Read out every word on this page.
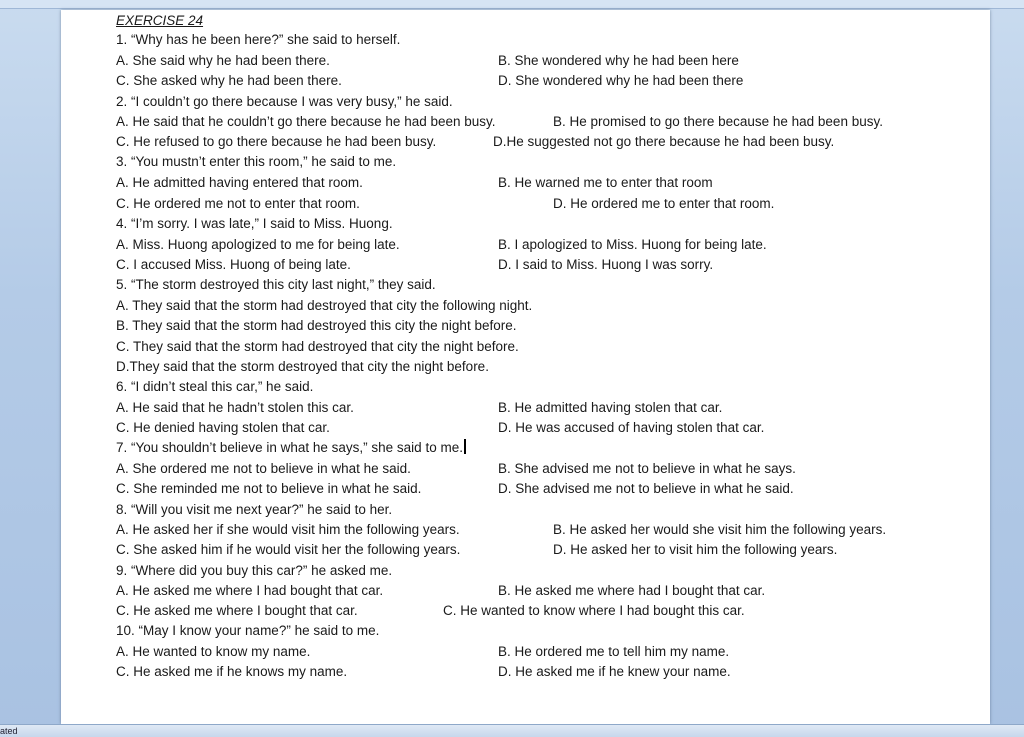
EXERCISE 24
1. “Why has he been here?” she said to herself.
A. She said why he had been there.	B. She wondered why he had been here
C. She asked why he had been there.	D. She wondered why he had been there
2. “I couldn’t go there because I was very busy,” he said.
A. He said that he couldn’t go there because he had been busy.	B. He promised to go there because he had been busy.
C. He refused to go there because he had been busy.	D.He suggested not go there because he had been busy.
3. “You mustn’t enter this room,” he said to me.
A. He admitted having entered that room.	B. He warned me to enter that room
C. He ordered me not to enter that room.	D. He ordered me to enter that room.
4. “I’m sorry. I was late,” I said to Miss. Huong.
A. Miss. Huong apologized to me for being late.	B. I apologized to Miss. Huong for being late.
C. I accused Miss. Huong of being late.	D. I said to Miss. Huong I was sorry.
5. “The storm destroyed this city last night,” they said.
A. They said that the storm had destroyed that city the following night.
B. They said that the storm had destroyed this city the night before.
C. They said that the storm had destroyed that city the night before.
D.They said that the storm destroyed that city the night before.
6. “I didn’t steal this car,” he said.
A. He said that he hadn’t stolen this car.	B. He admitted having stolen that car.
C. He denied having stolen that car.	D. He was accused of having stolen that car.
7. “You shouldn’t believe in what he says,” she said to me.
A. She ordered me not to believe in what he said.	B. She advised me not to believe in what he says.
C. She reminded me not to believe in what he said.	D. She advised me not to believe in what he said.
8. “Will you visit me next year?” he said to her.
A. He asked her if she would visit him the following years.	B. He asked her would she visit him the following years.
C. She asked him if he would visit her the following years.	D. He asked her to visit him the following years.
9. “Where did you buy this car?” he asked me.
A. He asked me where I had bought that car.	B. He asked me where had I bought that car.
C. He asked me where I bought that car.	C. He wanted to know where I had bought this car.
10. “May I know your name?” he said to me.
A. He wanted to know my name.	B. He ordered me to tell him my name.
C. He asked me if he knows my name.	D. He asked me if he knew your name.
ated
